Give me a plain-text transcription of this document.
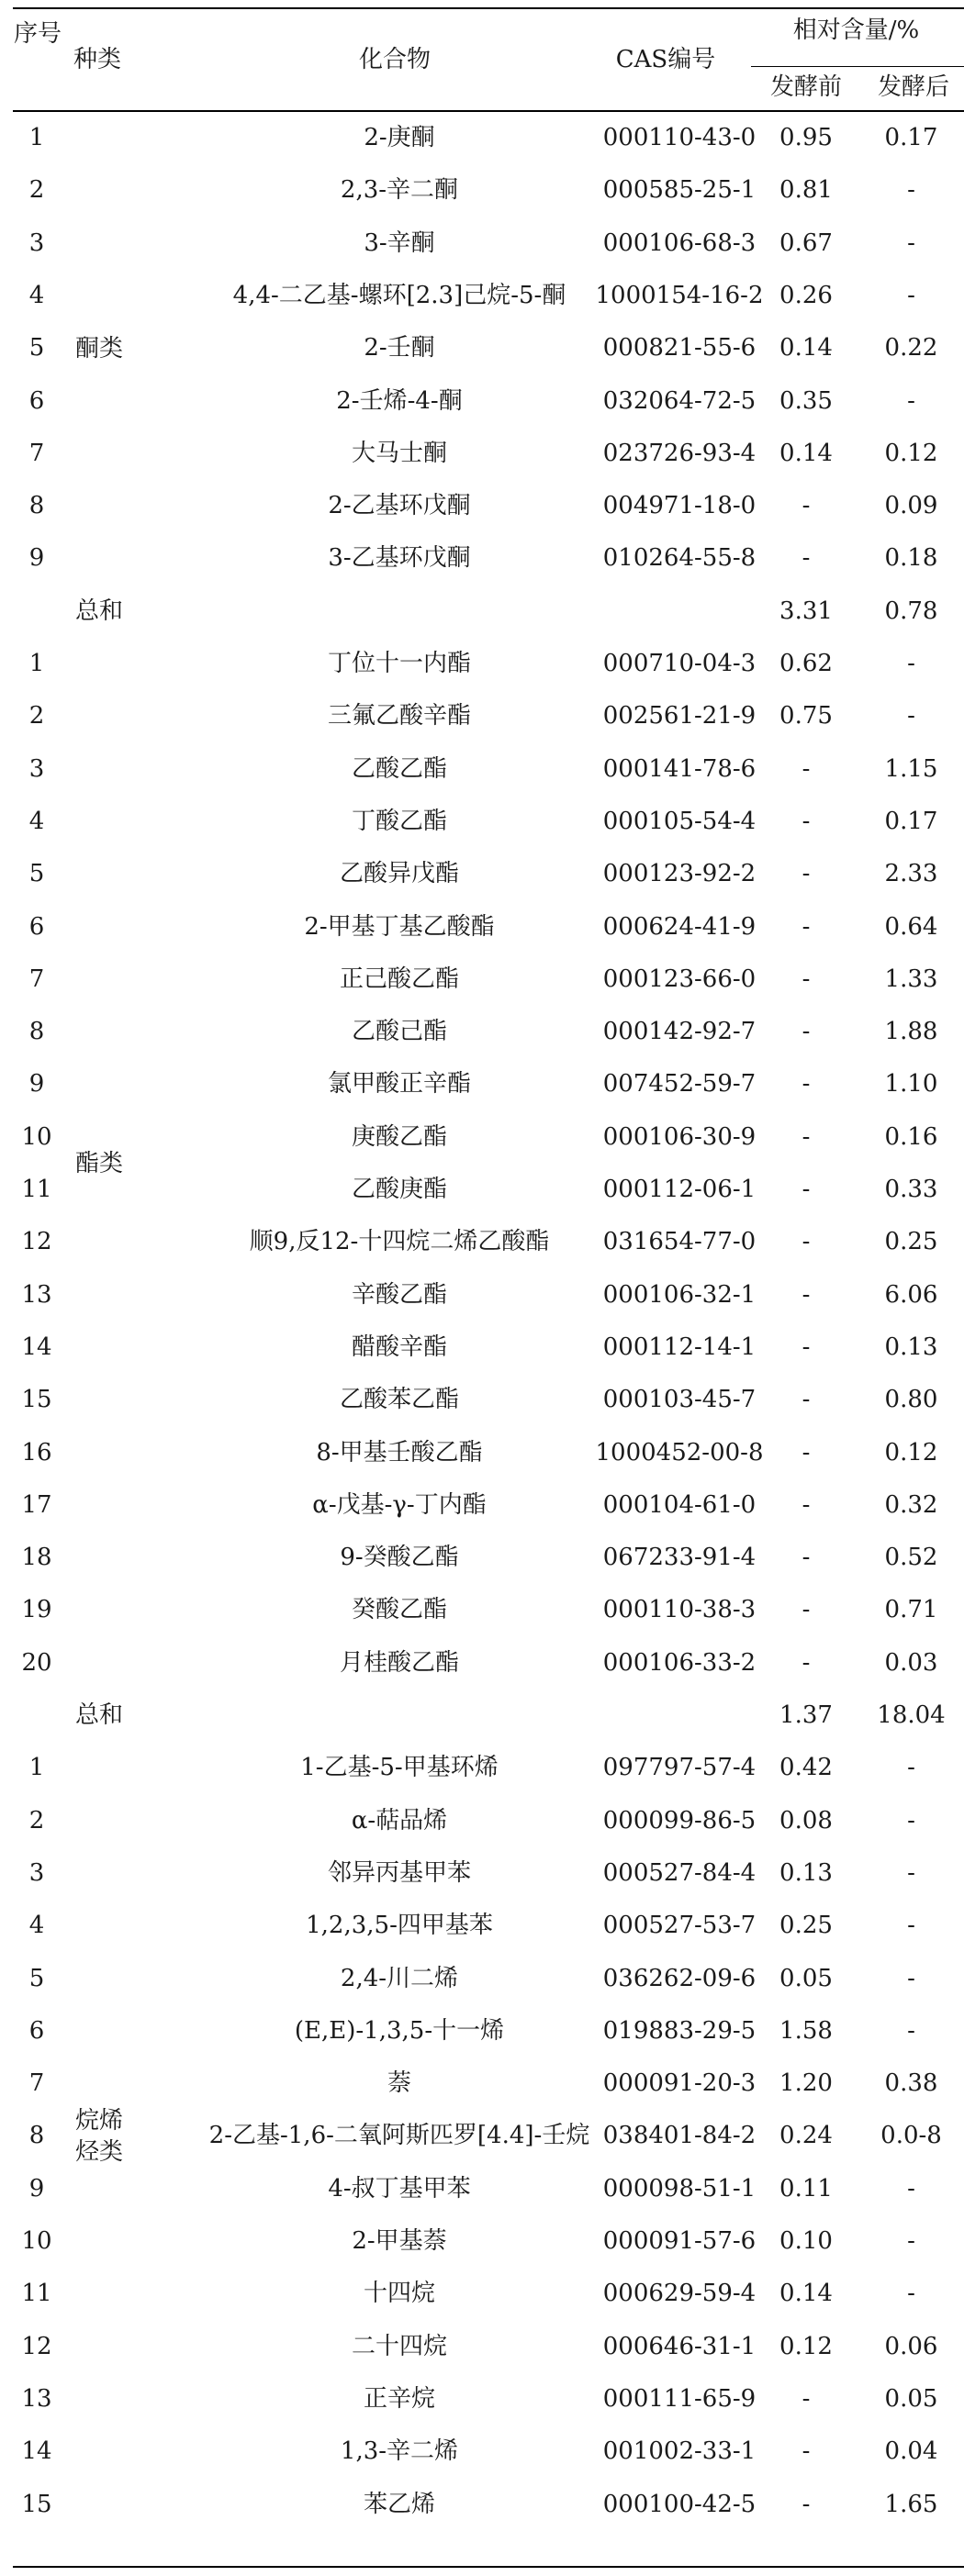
序号
种类	化合物	CAS编号
相对含量/%
发酵前	发酵后
1	2-庚酮	000110-43-0 0.95	0.17
2	2,3-辛二酮	000585-25-1 0.81	-
3	3-辛酮	000106-68-3 0.67	-
4	4,4-二乙基-螺环[2.3]己烷-5-酮	1000154-16-2 0.26	-
5	2-壬酮	000821-55-6 0.14	0.22
6	2-壬烯-4-酮	032064-72-5 0.35	-
7	大马士酮	023726-93-4 0.14	0.12
8	2-乙基环戊酮	004971-18-0	-	0.09
9	3-乙基环戊酮	010264-55-8	-	0.18
酮类
总和	3.31	0.78
1	丁位十一内酯	000710-04-3 0.62	-
2	三氟乙酸辛酯	002561-21-9 0.75	-
3	乙酸乙酯	000141-78-6	-	1.15
4	丁酸乙酯	000105-54-4	-	0.17
5	乙酸异戊酯	000123-92-2	-	2.33
6	2-甲基丁基乙酸酯	000624-41-9	-	0.64
7	正己酸乙酯	000123-66-0	-	1.33
8	乙酸己酯	000142-92-7	-	1.88
9	氯甲酸正辛酯	007452-59-7	-	1.10
10	庚酸乙酯	000106-30-9	-	0.16
11	乙酸庚酯	000112-06-1	-	0.33
12	顺9,反12-十四烷二烯乙酸酯	031654-77-0	-	0.25
13	辛酸乙酯	000106-32-1	-	6.06
14	醋酸辛酯	000112-14-1	-	0.13
15	乙酸苯乙酯	000103-45-7	-	0.80
16	8-甲基壬酸乙酯	1000452-00-8	-	0.12
17	α-戊基-γ-丁内酯	000104-61-0	-	0.32
18	9-癸酸乙酯	067233-91-4	-	0.52
19	癸酸乙酯	000110-38-3	-	0.71
20	月桂酸乙酯	000106-33-2	-	0.03
酯类
总和	1.37	18.04
1	1-乙基-5-甲基环烯	097797-57-4 0.42	-
2	α-萜品烯	000099-86-5 0.08	-
3	邻异丙基甲苯	000527-84-4 0.13	-
4	1,2,3,5-四甲基苯	000527-53-7 0.25	-
5	2,4-川二烯	036262-09-6 0.05	-
6	(E,E)-1,3,5-十一烯	019883-29-5 1.58	-
7	萘	000091-20-3 1.20	0.38
8	2-乙基-1,6-二氧阿斯匹罗[4.4]-壬烷 038401-84-2 0.24	0.0-8
9	4-叔丁基甲苯	000098-51-1 0.11	-
10	2-甲基萘	000091-57-6 0.10	-
11	十四烷	000629-59-4 0.14	-
12	二十四烷	000646-31-1 0.12	0.06
13	正辛烷	000111-65-9	-	0.05
14	1,3-辛二烯	001002-33-1	-	0.04
15	苯乙烯	000100-42-5	-	1.65
烷烯
烃类
